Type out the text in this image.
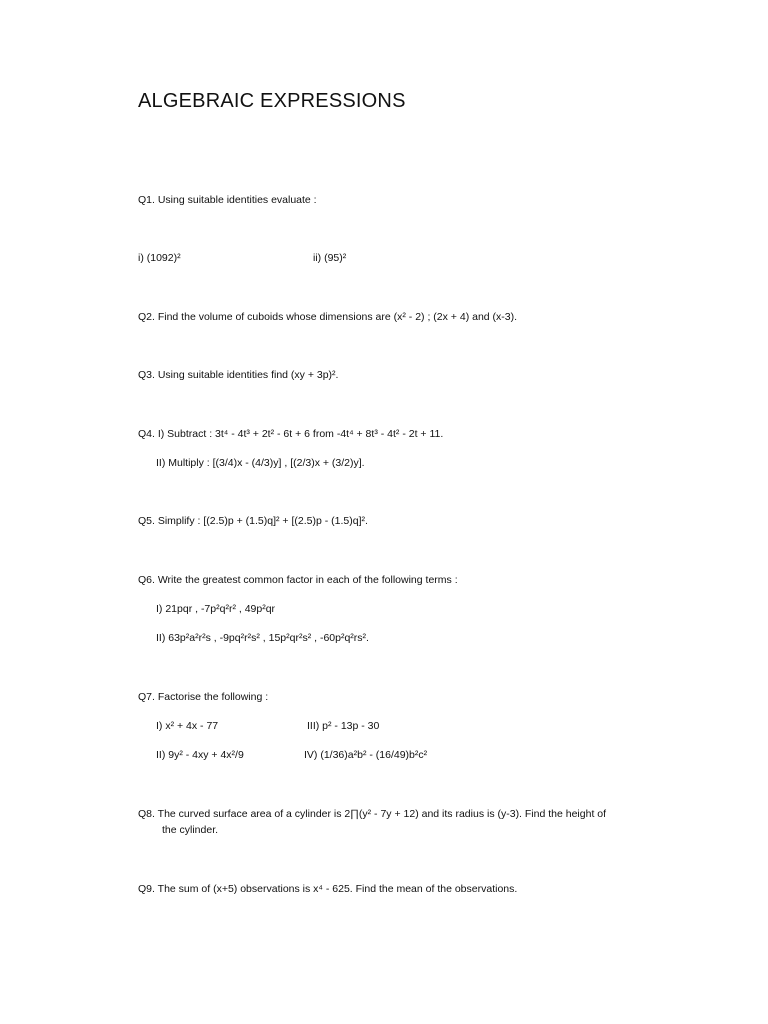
ALGEBRAIC EXPRESSIONS
Q1. Using suitable identities evaluate :
i) (1092)²	ii) (95)²
Q2. Find the volume of cuboids whose dimensions are (x² - 2) ; (2x + 4) and (x-3).
Q3. Using suitable identities find (xy + 3p)².
Q4. I) Subtract : 3t⁴ - 4t³ + 2t² - 6t + 6 from -4t⁴ + 8t³ - 4t² - 2t + 11.
II) Multiply : [(3/4)x - (4/3)y] , [(2/3)x + (3/2)y].
Q5. Simplify : [(2.5)p + (1.5)q]² + [(2.5)p - (1.5)q]².
Q6. Write the greatest common factor in each of the following terms :
I) 21pqr , -7p²q²r² , 49p²qr
II) 63p²a²r²s , -9pq²r²s² , 15p²qr²s² , -60p²q²rs².
Q7. Factorise the following :
I) x² + 4x - 77	III) p² - 13p - 30
II) 9y² - 4xy + 4x²/9	IV) (1/36)a²b² - (16/49)b²c²
Q8. The curved surface area of a cylinder is 2∏(y² - 7y + 12) and its radius is (y-3). Find the height of
the cylinder.
Q9. The sum of (x+5) observations is x⁴ - 625. Find the mean of the observations.
